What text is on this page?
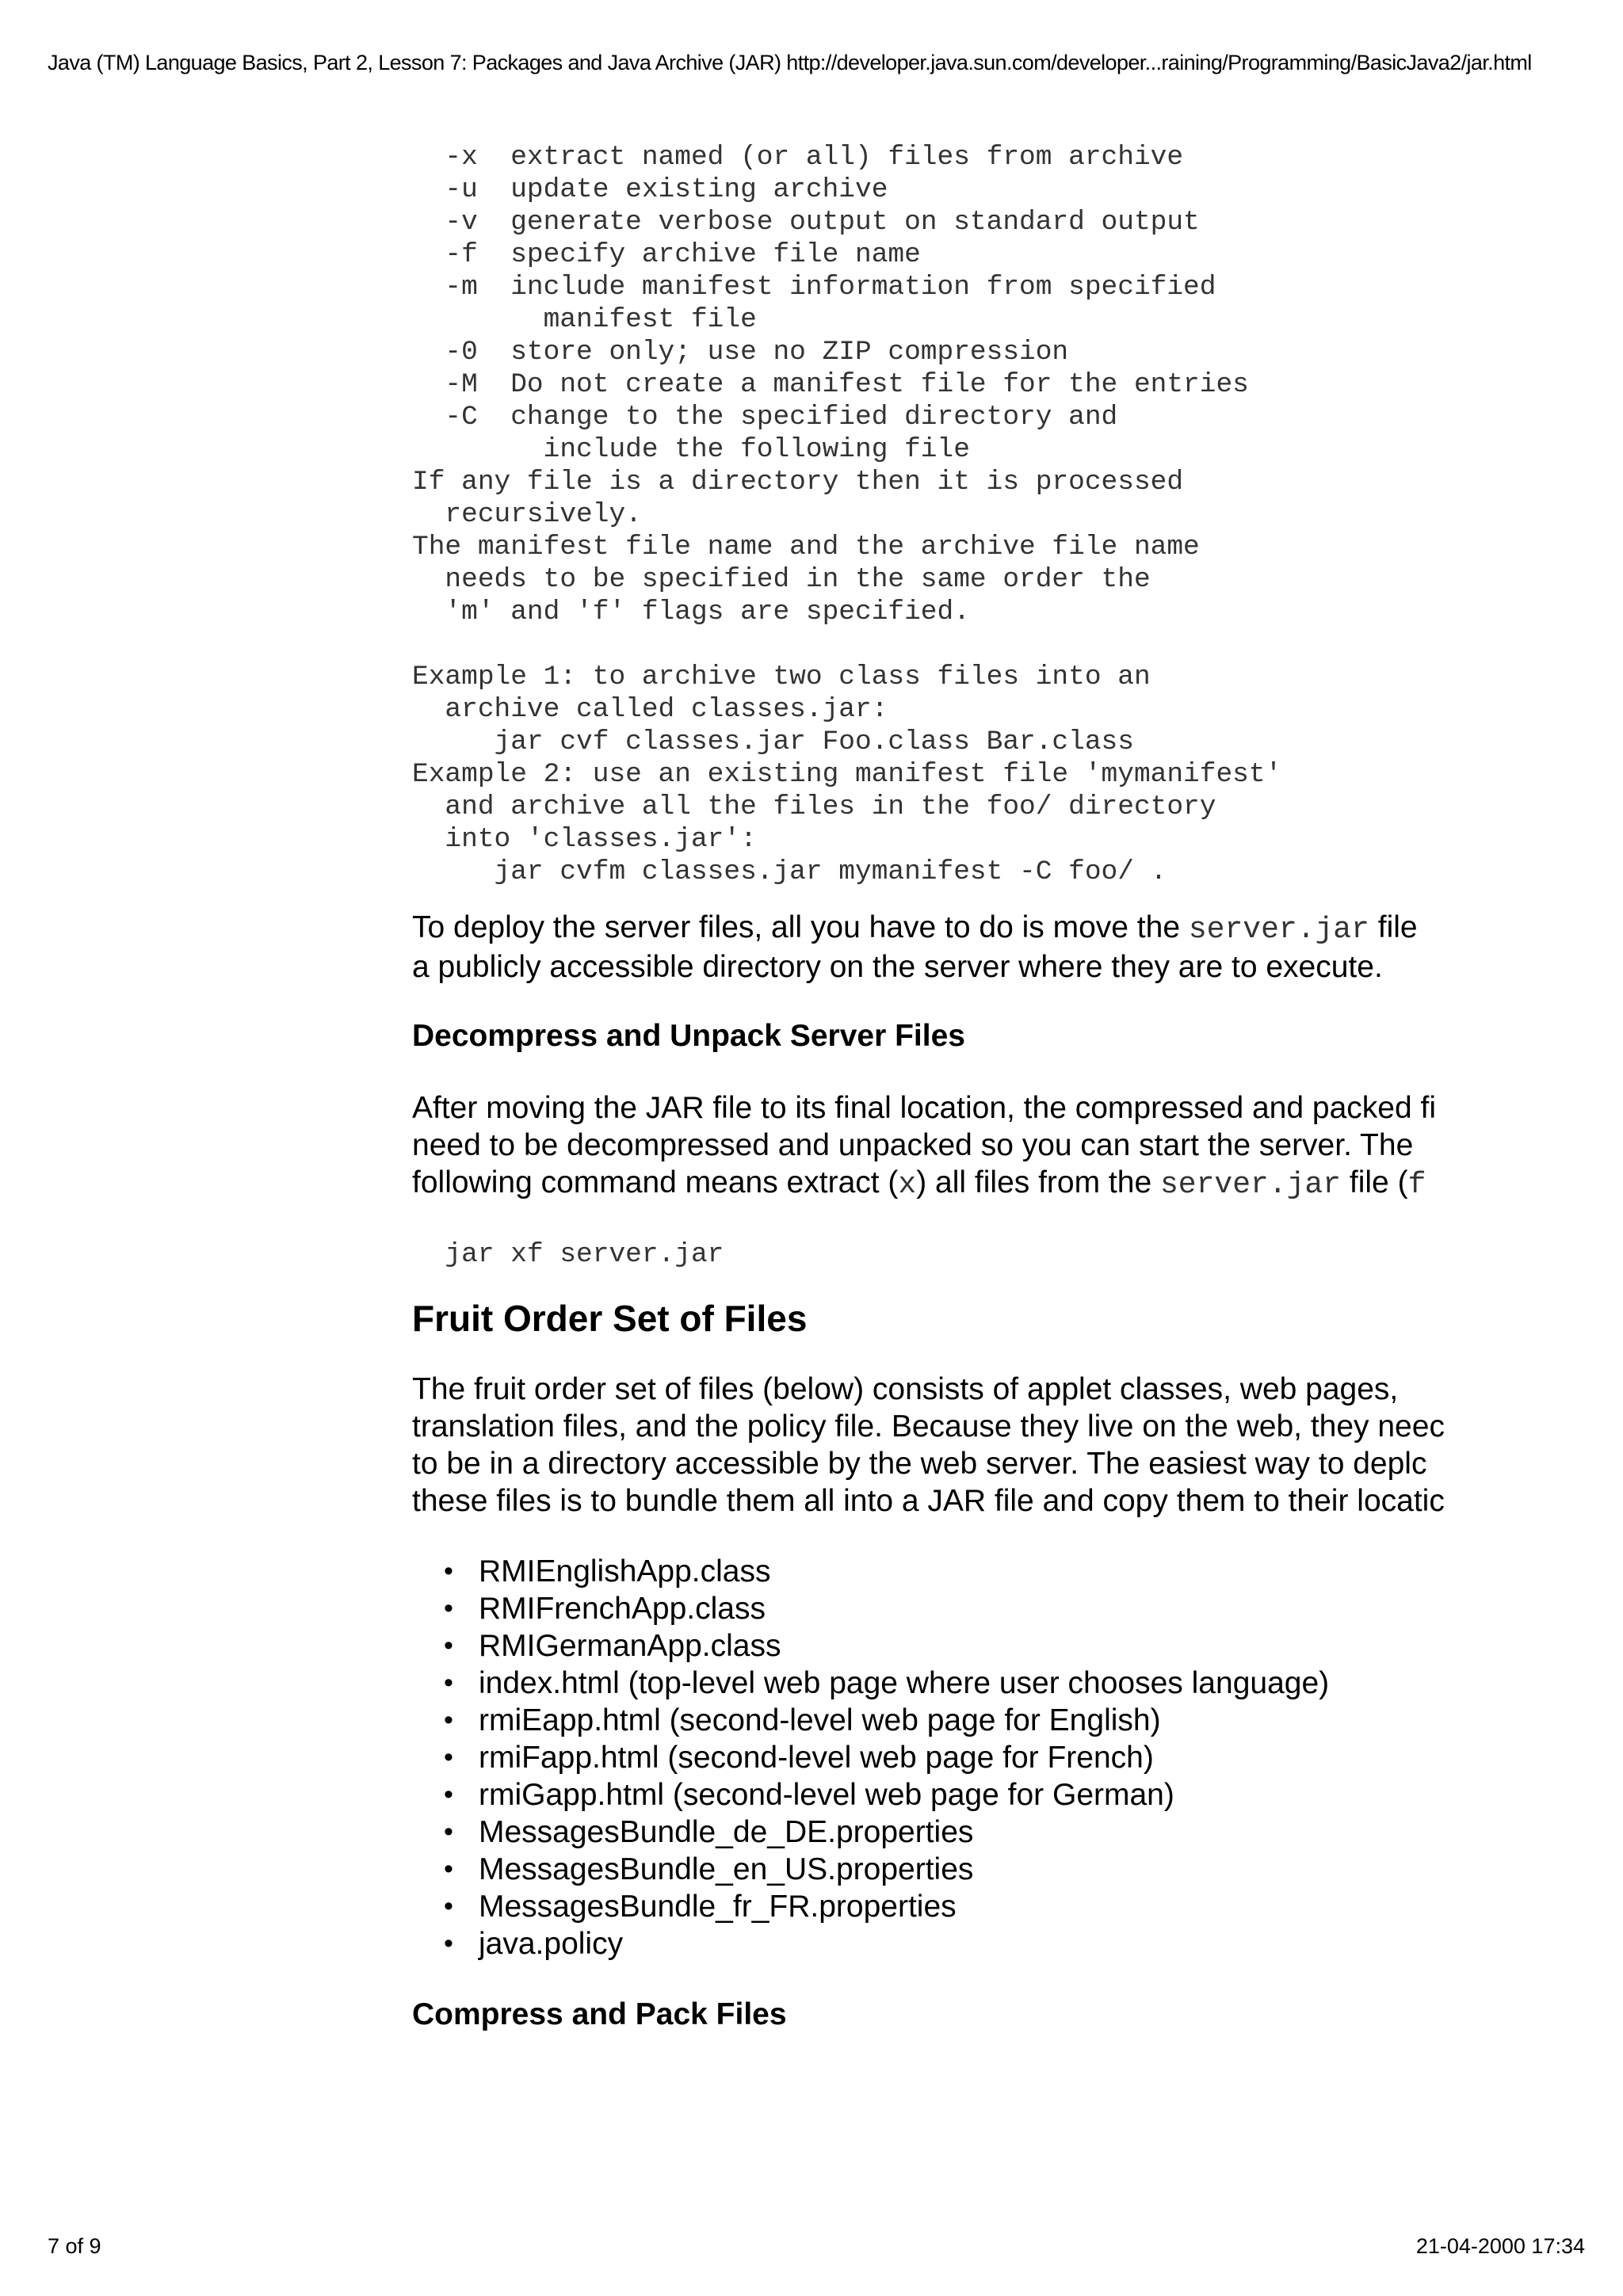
Java (TM) Language Basics, Part 2, Lesson 7: Packages and Java Archive (JAR) http://developer.java.sun.com/developer...raining/Programming/BasicJava2/jar.html
-x  extract named (or all) files from archive
-u  update existing archive
-v  generate verbose output on standard output
-f  specify archive file name
-m  include manifest information from specified
manifest file
-0  store only; use no ZIP compression
-M  Do not create a manifest file for the entries
-C  change to the specified directory and
include the following file
If any file is a directory then it is processed
recursively.
The manifest file name and the archive file name
needs to be specified in the same order the
'm' and 'f' flags are specified.

Example 1: to archive two class files into an
archive called classes.jar:
jar cvf classes.jar Foo.class Bar.class
Example 2: use an existing manifest file 'mymanifest'
and archive all the files in the foo/ directory
into 'classes.jar':
jar cvfm classes.jar mymanifest -C foo/ .

To deploy the server files, all you have to do is move the server.jar file
a publicly accessible directory on the server where they are to execute.

Decompress and Unpack Server Files

After moving the JAR file to its final location, the compressed and packed fi
need to be decompressed and unpacked so you can start the server. The
following command means extract (x) all files from the server.jar file (f

jar xf server.jar
Fruit Order Set of Files

The fruit order set of files (below) consists of applet classes, web pages,
translation files, and the policy file. Because they live on the web, they neec
to be in a directory accessible by the web server. The easiest way to deplc
these files is to bundle them all into a JAR file and copy them to their locatic

• RMIEnglishApp.class
• RMIFrenchApp.class
• RMIGermanApp.class
• index.html (top-level web page where user chooses language)
• rmiEapp.html (second-level web page for English)
• rmiFapp.html (second-level web page for French)
• rmiGapp.html (second-level web page for German)
• MessagesBundle_de_DE.properties
• MessagesBundle_en_US.properties
• MessagesBundle_fr_FR.properties
• java.policy
Compress and Pack Files
7 of 9	21-04-2000 17:34
